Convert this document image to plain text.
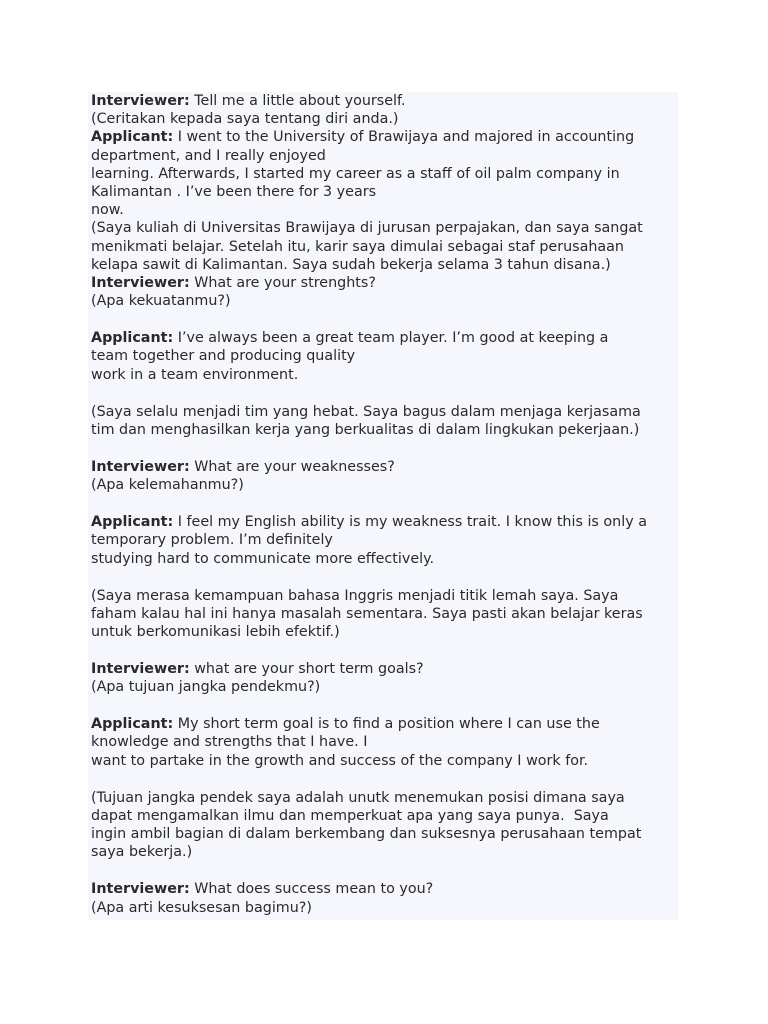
Interviewer: Tell me a little about yourself.
(Ceritakan kepada saya tentang diri anda.)
Applicant: I went to the University of Brawijaya and majored in accounting
department, and I really enjoyed
learning. Afterwards, I started my career as a staff of oil palm company in
Kalimantan . I’ve been there for 3 years
now.
(Saya kuliah di Universitas Brawijaya di jurusan perpajakan, dan saya sangat
menikmati belajar. Setelah itu, karir saya dimulai sebagai staf perusahaan
kelapa sawit di Kalimantan. Saya sudah bekerja selama 3 tahun disana.)
Interviewer: What are your strenghts?
(Apa kekuatanmu?)
Applicant: I’ve always been a great team player. I’m good at keeping a
team together and producing quality
work in a team environment.
(Saya selalu menjadi tim yang hebat. Saya bagus dalam menjaga kerjasama
tim dan menghasilkan kerja yang berkualitas di dalam lingkukan pekerjaan.)
Interviewer: What are your weaknesses?
(Apa kelemahanmu?)
Applicant: I feel my English ability is my weakness trait. I know this is only a
temporary problem. I’m definitely
studying hard to communicate more effectively.
(Saya merasa kemampuan bahasa Inggris menjadi titik lemah saya. Saya
faham kalau hal ini hanya masalah sementara. Saya pasti akan belajar keras
untuk berkomunikasi lebih efektif.)
Interviewer: what are your short term goals?
(Apa tujuan jangka pendekmu?)
Applicant: My short term goal is to find a position where I can use the
knowledge and strengths that I have. I
want to partake in the growth and success of the company I work for.
(Tujuan jangka pendek saya adalah unutk menemukan posisi dimana saya
dapat mengamalkan ilmu dan memperkuat apa yang saya punya.  Saya
ingin ambil bagian di dalam berkembang dan suksesnya perusahaan tempat
saya bekerja.)
Interviewer: What does success mean to you?
(Apa arti kesuksesan bagimu?)
